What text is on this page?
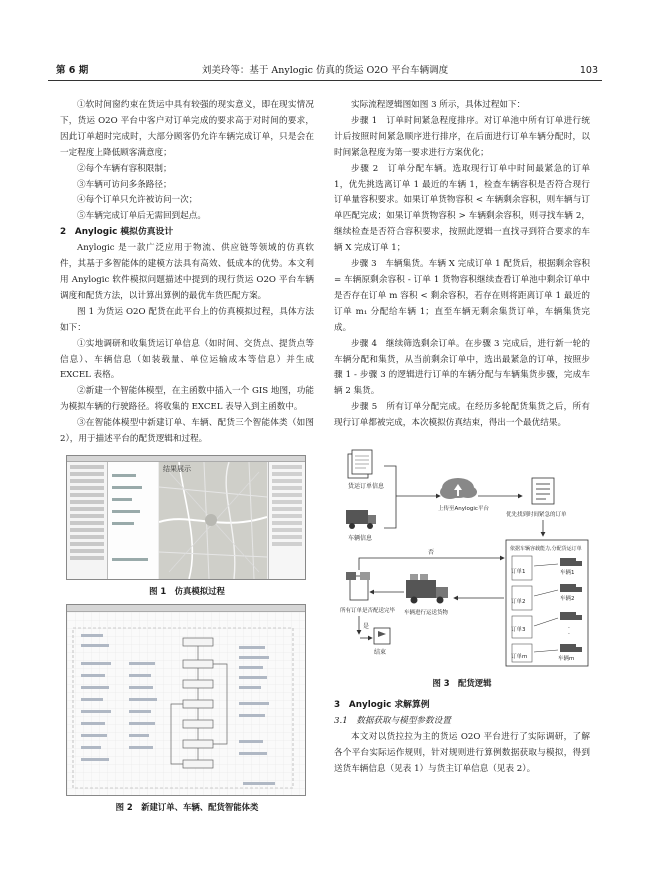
第 6 期	刘美玲等：基于 Anylogic 仿真的货运 O2O 平台车辆调度	103

①软时间窗约束在货运中具有较强的现实意义，即在现实情况下，货运 O2O 平台中客户对订单完成的要求高于对时间的要求，因此订单超时完成时，大部分顾客仍允许车辆完成订单，只是会在一定程度上降低顾客满意度；

②每个车辆有容积限制；

③车辆可访问多条路径；

④每个订单只允许被访问一次；

⑤车辆完成订单后无需回到起点。

2　Anylogic 模拟仿真设计

Anylogic 是一款广泛应用于物流、供应链等领域的仿真软件，其基于多智能体的建模方法具有高效、低成本的优势。本文利用 Anylogic 软件模拟问题描述中提到的现行货运 O2O 平台车辆调度和配货方法，以计算出算例的最优车货匹配方案。

图 1 为货运 O2O 配货在此平台上的仿真模拟过程，具体方法如下：

①实地调研和收集货运订单信息（如时间、交货点、提货点等信息）、车辆信息（如装载量、单位运输成本等信息）并生成 EXCEL 表格。

②新建一个智能体模型，在主函数中插入一个 GIS 地图，功能为模拟车辆的行驶路径。将收集的 EXCEL 表导入到主函数中。

③在智能体模型中新建订单、车辆、配货三个智能体类（如图 2），用于描述平台的配货逻辑和过程。

结果展示
图 1　仿真模拟过程
图 2　新建订单、车辆、配货智能体类

实际流程逻辑图如图 3 所示，具体过程如下：

步骤 1　订单时间紧急程度排序。对订单池中所有订单进行统计后按照时间紧急顺序进行排序，在后面进行订单车辆分配时，以时间紧急程度为第一要求进行方案优化；

步骤 2　订单分配车辆。选取现行订单中时间最紧急的订单 1，优先挑选离订单 1 最近的车辆 1，检查车辆容积是否符合现行订单量容积要求。如果订单货物容积 < 车辆剩余容积，则车辆与订单匹配完成；如果订单货物容积 > 车辆剩余容积，则寻找车辆 2，继续检查是否符合容积要求，按照此逻辑一直找寻到符合要求的车辆 X 完成订单 1；

步骤 3　车辆集货。车辆 X 完成订单 1 配货后，根据剩余容积 = 车辆原剩余容积 - 订单 1 货物容积继续查看订单池中剩余订单中是否存在订单 m 容积 < 剩余容积，若存在则将距离订单 1 最近的订单 m₁ 分配给车辆 1；直至车辆无剩余集货订单，车辆集货完成。

步骤 4　继续筛选剩余订单。在步骤 3 完成后，进行新一轮的车辆分配和集货，从当前剩余订单中，选出最紧急的订单，按照步骤 1 - 步骤 3 的逻辑进行订单的车辆分配与车辆集货步骤，完成车辆 2 集货。

步骤 5　所有订单分配完成。在经历多轮配货集货之后，所有现行订单都被完成，本次模拟仿真结束，得出一个最优结果。

货运订单信息
车辆信息
上传至Anylogic平台
优先找到时间紧急的订单
依据车辆容载能力,分配货运订单
订单1
订单2
订单3
订单m
车辆1
车辆2
·
·
车辆m
车辆进行运送货物
所有订单是否配送完毕
否
是
结束
图 3　配货逻辑
3　Anylogic 求解算例
3.1　数据获取与模型参数设置

本文对以货拉拉为主的货运 O2O 平台进行了实际调研，了解各个平台实际运作规则，针对规则进行算例数据获取与模拟，得到送货车辆信息（见表 1）与货主订单信息（见表 2）。
